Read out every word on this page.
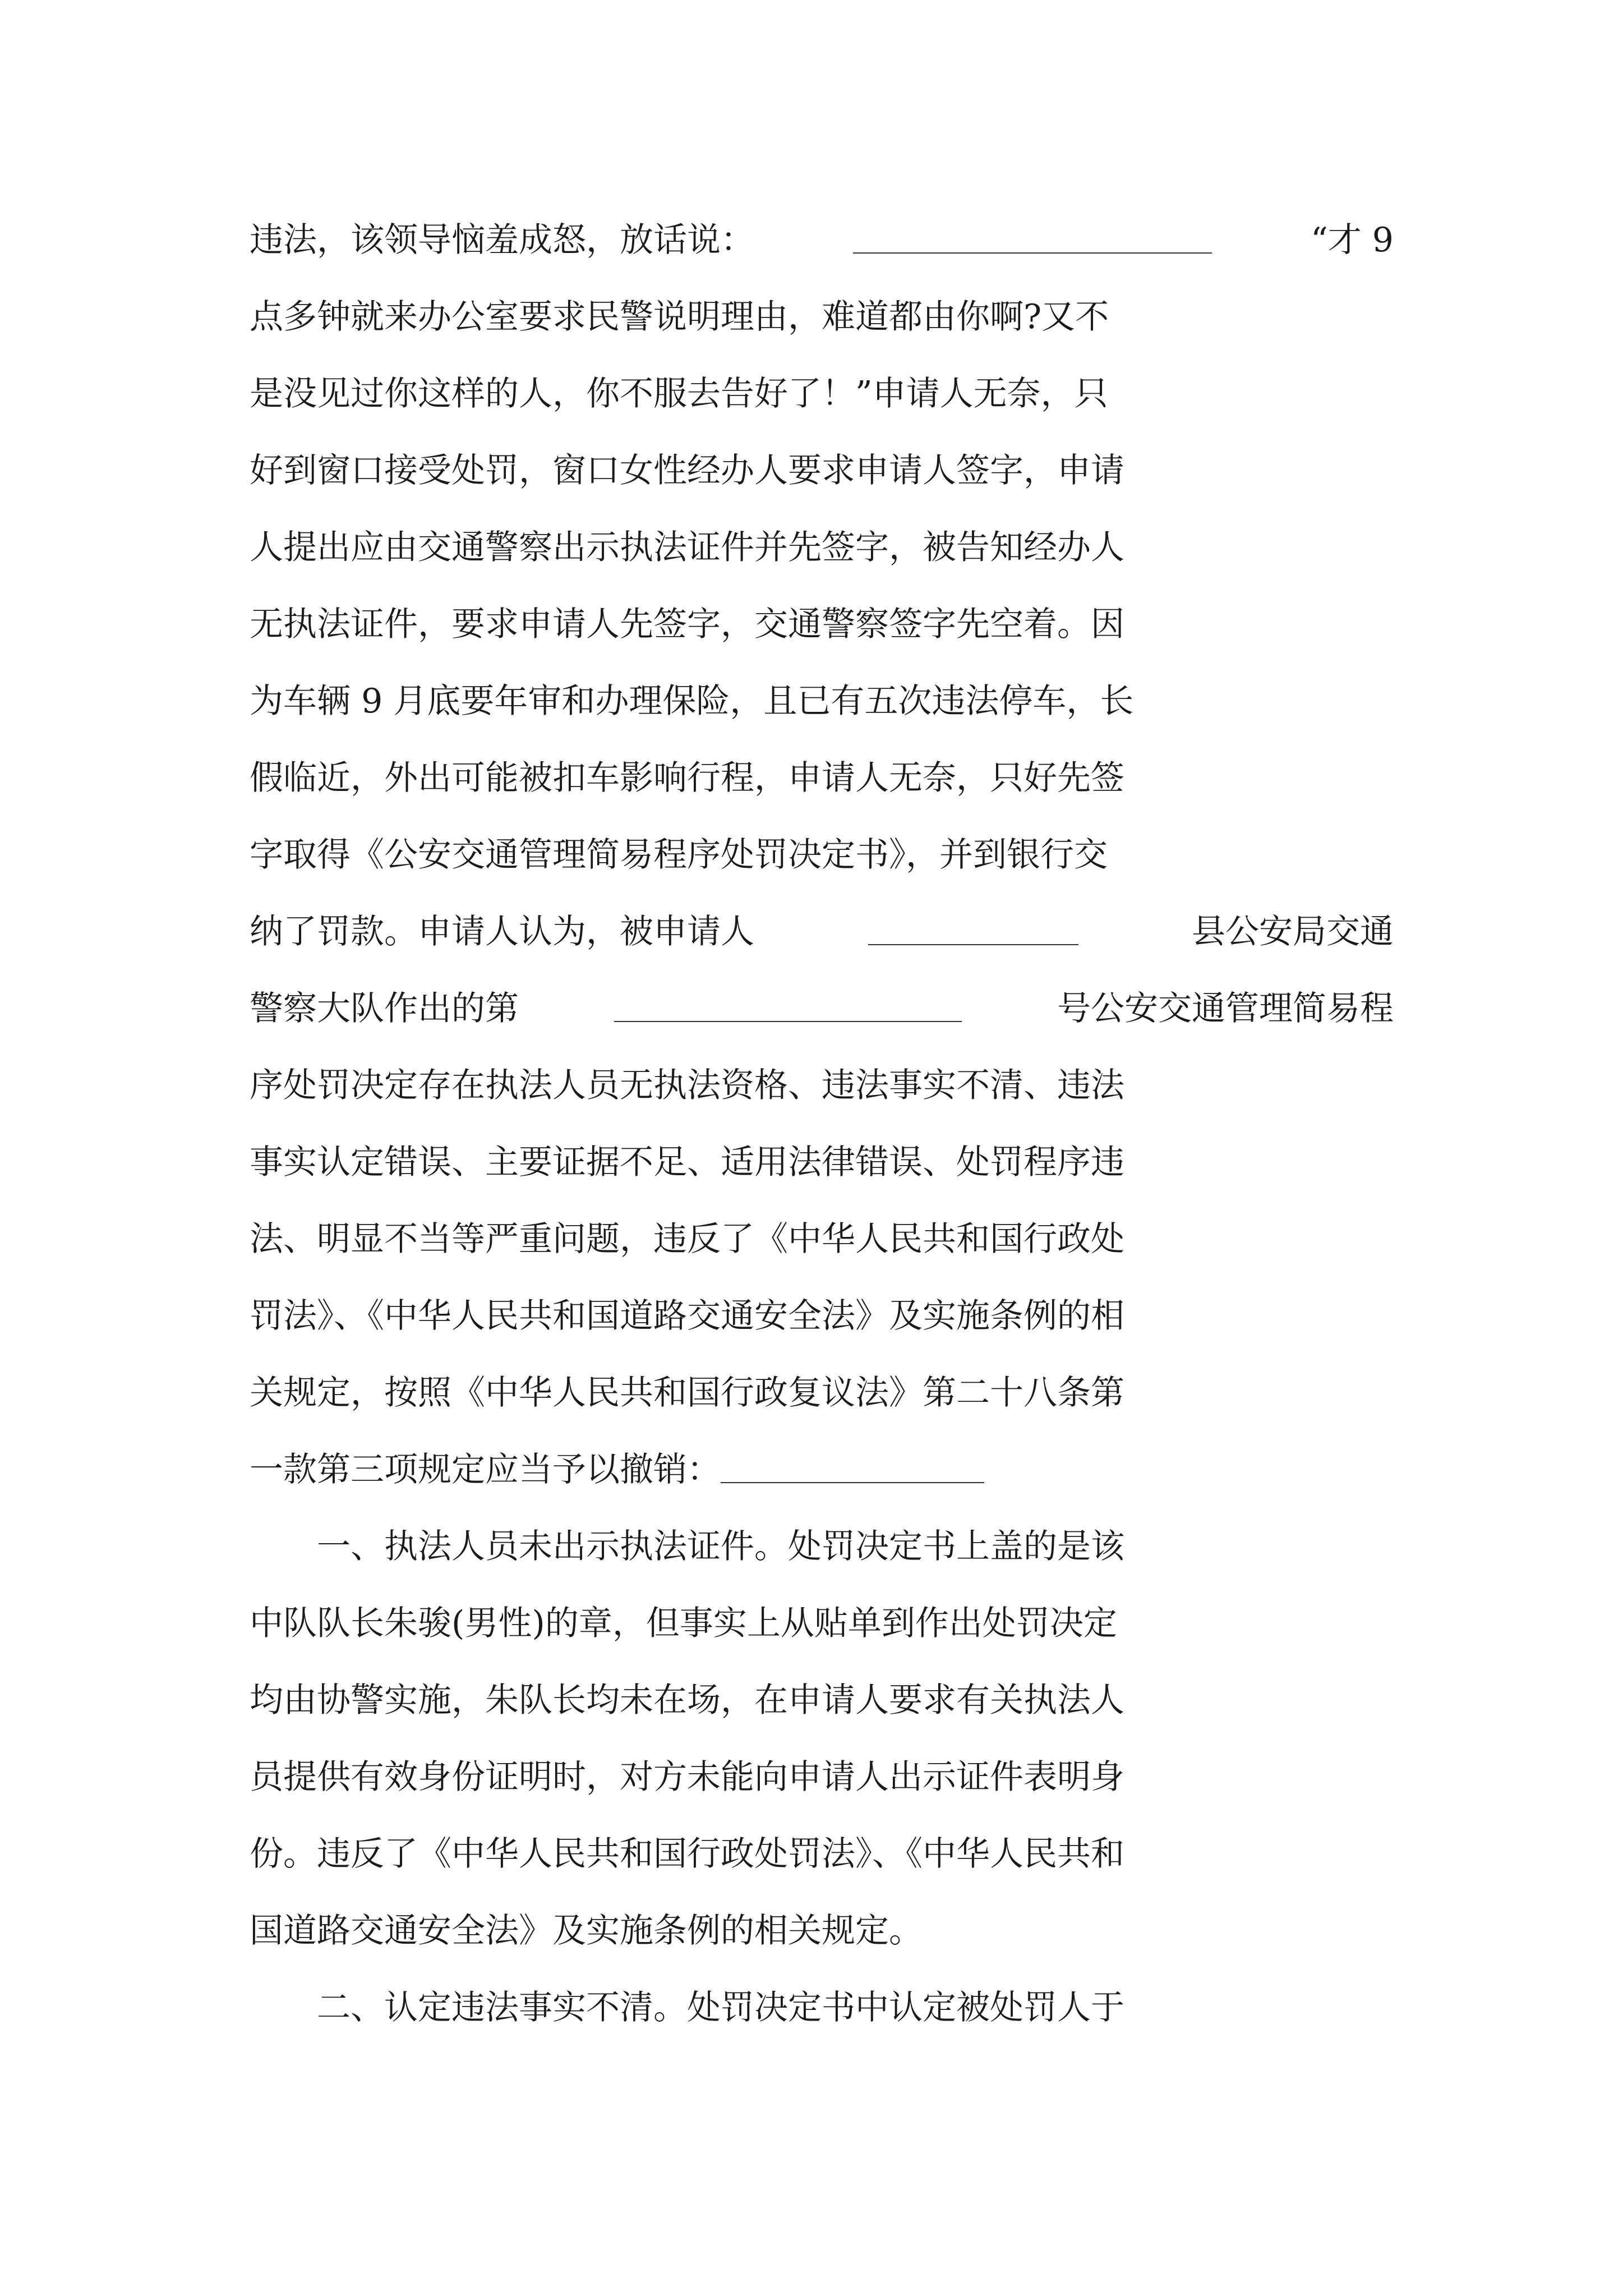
违法，该领导恼羞成怒，放话说：	“才 9
点多钟就来办公室要求民警说明理由，难道都由你啊?又不
是没见过你这样的人，你不服去告好了！”申请人无奈，只
好到窗口接受处罚，窗口女性经办人要求申请人签字，申请
人提出应由交通警察出示执法证件并先签字，被告知经办人
无执法证件，要求申请人先签字，交通警察签字先空着。因
为车辆 9 月底要年审和办理保险，且已有五次违法停车，长
假临近，外出可能被扣车影响行程，申请人无奈，只好先签
字取得《公安交通管理简易程序处罚决定书》，并到银行交
纳了罚款。申请人认为，被申请人	县公安局交通
警察大队作出的第	号公安交通管理简易程
序处罚决定存在执法人员无执法资格、违法事实不清、违法
事实认定错误、主要证据不足、适用法律错误、处罚程序违
法、明显不当等严重问题，违反了《中华人民共和国行政处
罚法》、《中华人民共和国道路交通安全法》及实施条例的相
关规定，按照《中华人民共和国行政复议法》第二十八条第
一款第三项规定应当予以撤销：
一、执法人员未出示执法证件。处罚决定书上盖的是该
中队队长朱骏(男性)的章，但事实上从贴单到作出处罚决定
均由协警实施，朱队长均未在场，在申请人要求有关执法人
员提供有效身份证明时，对方未能向申请人出示证件表明身
份。违反了《中华人民共和国行政处罚法》、《中华人民共和
国道路交通安全法》及实施条例的相关规定。
二、认定违法事实不清。处罚决定书中认定被处罚人于
